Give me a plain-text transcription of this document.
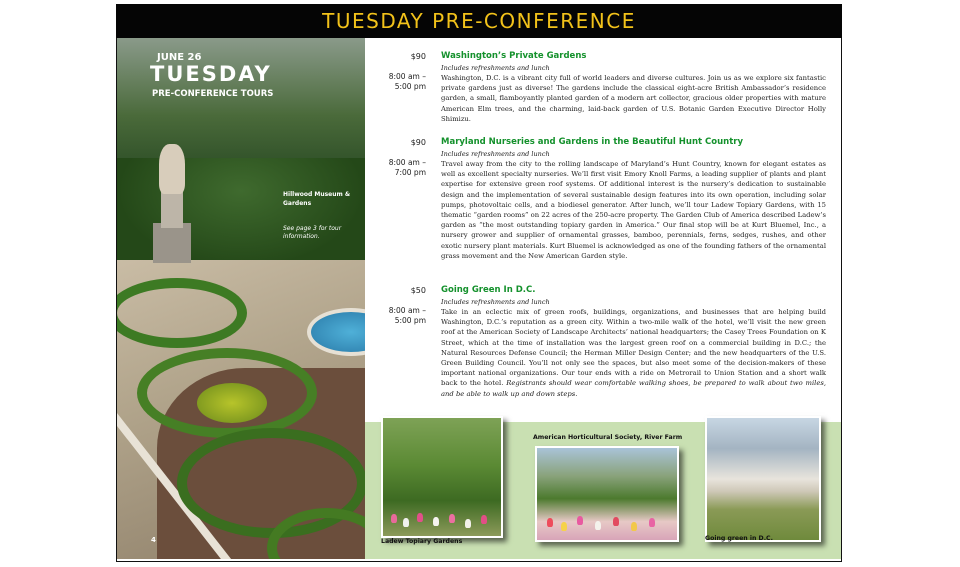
TUESDAY PRE-CONFERENCE
JUNE 26
TUESDAY
PRE-CONFERENCE TOURS
Hillwood Museum & Gardens
See page 3 for tour information.
4
$90
8:00 am – 5:00 pm
Washington’s Private Gardens
Includes refreshments and lunch
Washington, D.C. is a vibrant city full of world leaders and diverse cultures. Join us as we explore six fantastic private gardens just as diverse! The gardens include the classical eight-acre British Ambassador’s residence garden, a small, flamboyantly planted garden of a modern art collector, gracious older properties with mature American Elm trees, and the charming, laid-back garden of U.S. Botanic Garden Executive Director Holly Shimizu.
$90
8:00 am – 7:00 pm
Maryland Nurseries and Gardens in the Beautiful Hunt Country
Includes refreshments and lunch
Travel away from the city to the rolling landscape of Maryland’s Hunt Country, known for elegant estates as well as excellent specialty nurseries. We’ll first visit Emory Knoll Farms, a leading supplier of plants and plant expertise for extensive green roof systems. Of additional interest is the nursery’s dedication to sustainable design and the implementation of several sustainable design features into its own operation, including solar pumps, photovoltaic cells, and a biodiesel generator. After lunch, we’ll tour Ladew Topiary Gardens, with 15 thematic “garden rooms” on 22 acres of the 250-acre property. The Garden Club of America described Ladew’s garden as “the most outstanding topiary garden in America.” Our final stop will be at Kurt Bluemel, Inc., a nursery grower and supplier of ornamental grasses, bamboo, perennials, ferns, sedges, rushes, and other exotic nursery plant materials. Kurt Bluemel is acknowledged as one of the founding fathers of the ornamental grass movement and the New American Garden style.
$50
8:00 am – 5:00 pm
Going Green In D.C.
Includes refreshments and lunch
Take in an eclectic mix of green roofs, buildings, organizations, and businesses that are helping build Washington, D.C.’s reputation as a green city. Within a two-mile walk of the hotel, we’ll visit the new green roof at the American Society of Landscape Architects’ national headquarters; the Casey Trees Foundation on K Street, which at the time of installation was the largest green roof on a commercial building in D.C.; the Natural Resources Defense Council; the Herman Miller Design Center; and the new headquarters of the U.S. Green Building Council. You’ll not only see the spaces, but also meet some of the decision-makers of these important national organizations. Our tour ends with a ride on Metrorail to Union Station and a short walk back to the hotel. Registrants should wear comfortable walking shoes, be prepared to walk about two miles, and be able to walk up and down steps.
Ladew Topiary Gardens
American Horticultural Society, River Farm
Going green in D.C.
